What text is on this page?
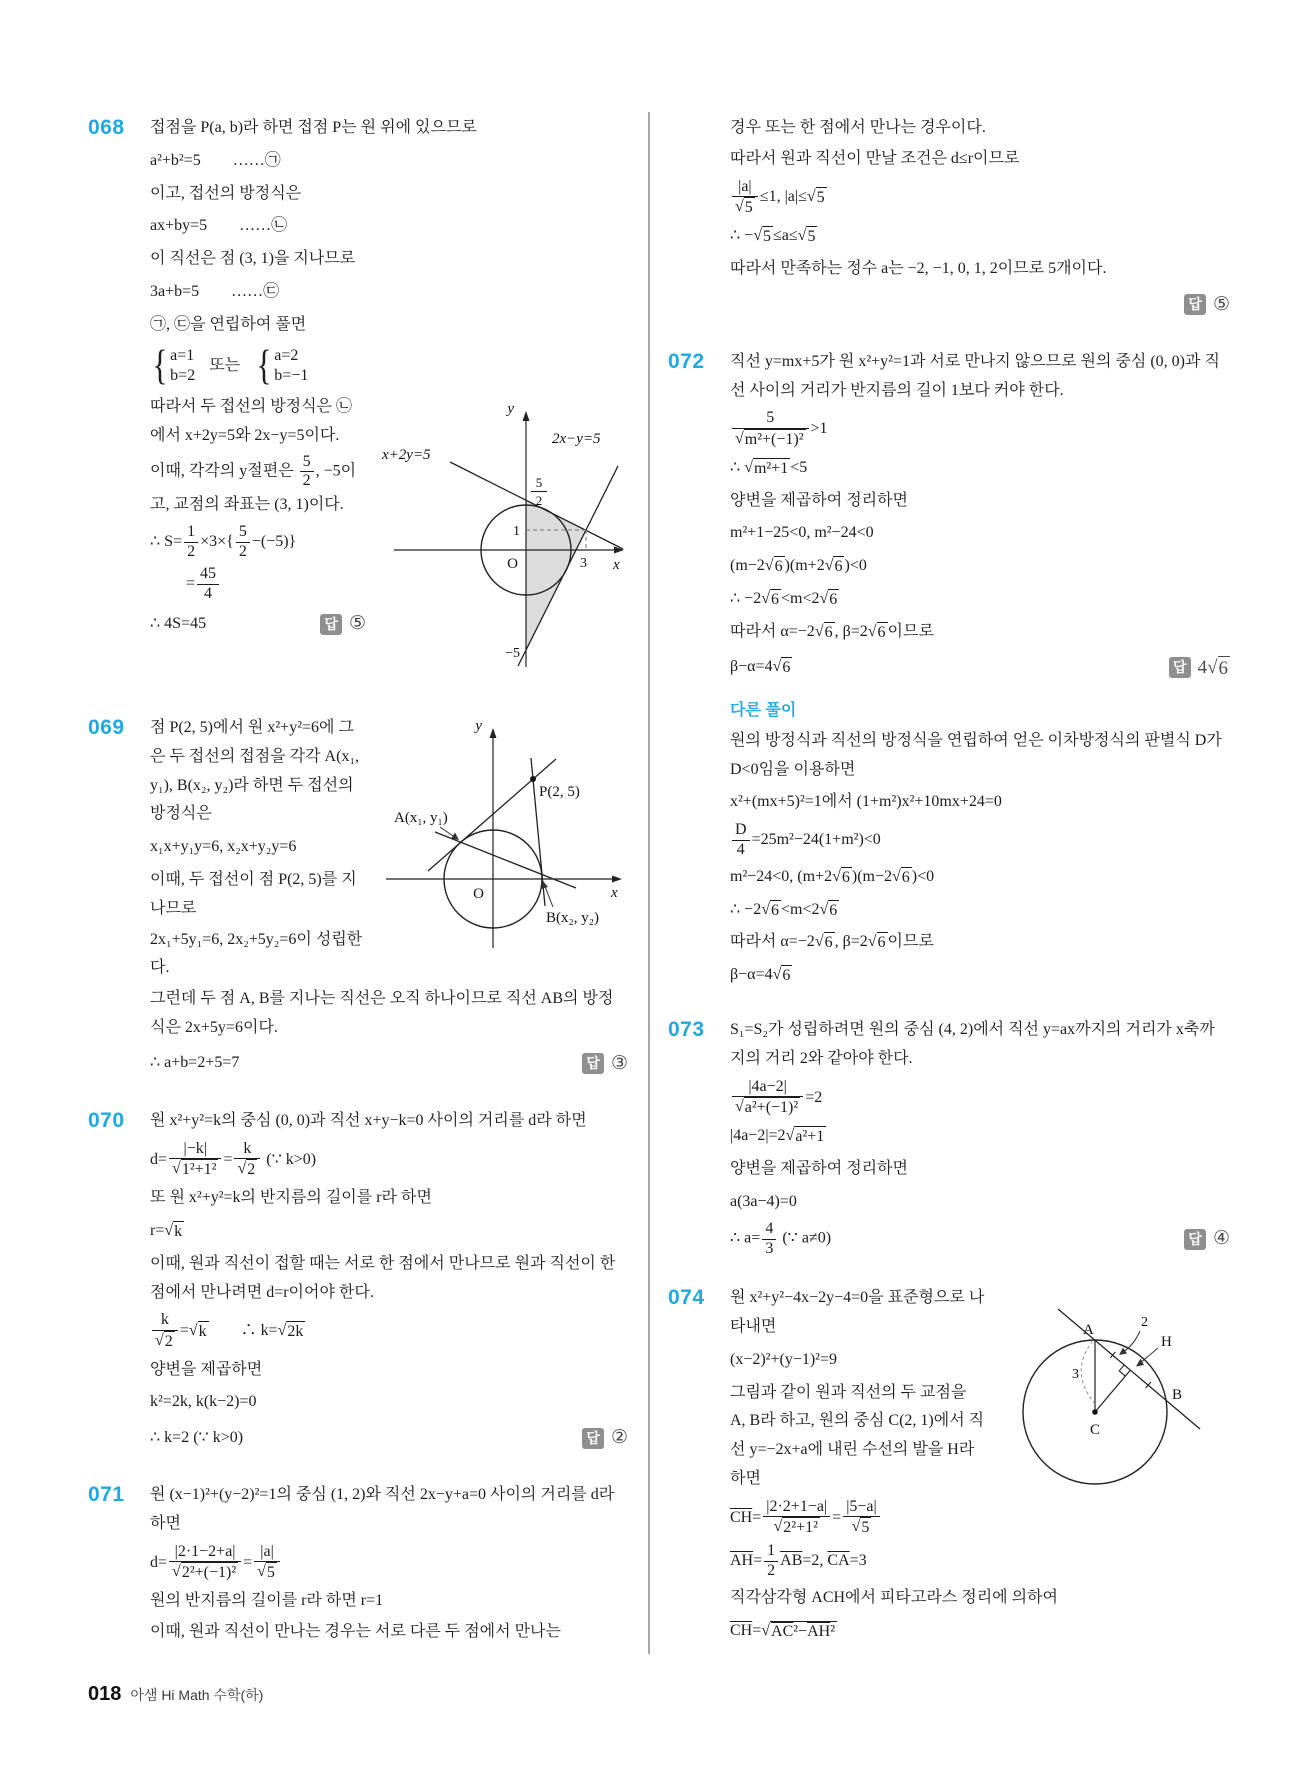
068	접점을 P(a, b)라 하면 접점 P는 원 위에 있으므로

a²+b²=5　　……㉠

이고, 접선의 방정식은

ax+by=5　　……㉡

이 직선은 점 (3, 1)을 지나므로

3a+b=5　　……㉢

㉠, ㉢을 연립하여 풀면

{ a=1
b=2
또는 { a=2
b=−1
x+2y=5
2x−y=5
y
x
O
5
2
1
3
−5

따라서 두 접선의 방정식은 ㉡에서 x+2y=5와 2x−y=5이다.

이때, 각각의 y절편은 $\frac{5}{2}$ , −5이고, 교점의 좌표는 (3, 1)이다.

∴ $S= \frac{1}{2} \times 3\times\{ \frac{5}{2} -(-5)\}$

= $\frac{45}{4}$

∴ 4S=45	답 ⑤

069	y
x
O
P(2, 5)
A(x₁, y₁)
B(x₂, y₂)

점 P(2, 5)에서 원 x²+y²=6에 그은 두 접선의 접점을 각각 A(x₁, y₁), B(x₂, y₂)라 하면 두 접선의 방정식은

x₁x+y₁y=6, x₂x+y₂y=6

이때, 두 접선이 점 P(2, 5)를 지나므로

2x₁+5y₁=6, 2x₂+5y₂=6이 성립한다.

그런데 두 점 A, B를 지나는 직선은 오직 하나이므로 직선 AB의 방정식은 2x+5y=6이다.

∴ a+b=2+5=7	답 ③

070	원 x²+y²=k의 중심 (0, 0)과 직선 x+y−k=0 사이의 거리를 d라 하면

$d= \frac{|-k|}{\text{√ 1²+1²}} = \frac{k}{√ 2}$ (∵ k>0)

또 원 x²+y²=k의 반지름의 길이를 r라 하면

r= √ k

이때, 원과 직선이 접할 때는 서로 한 점에서 만나므로 원과 직선이 한 점에서 만나려면 d=r이어야 한다.

$\frac{k}{√ 2}$ = √ k 　　∴ k= √ 2k

양변을 제곱하면

k²=2k, k(k−2)=0

∴ k=2 (∵ k>0)	답 ②

071	원 (x−1)²+(y−2)²=1의 중심 (1, 2)와 직선 2x−y+a=0 사이의 거리를 d라 하면

$d= \frac{|2\cdot 1-2+a|}{\text{√ 2²+(−1)²}} = \frac{|a|}{√ 5}$

원의 반지름의 길이를 r라 하면 r=1

이때, 원과 직선이 만나는 경우는 서로 다른 두 점에서 만나는

경우 또는 한 점에서 만나는 경우이다.

따라서 원과 직선이 만날 조건은 d≤r이므로

$\frac{|a|}{√ 5} \le 1$, |a|≤ √ 5

∴ − √ 5 ≤a≤ √ 5

따라서 만족하는 정수 a는 −2, −1, 0, 1, 2이므로 5개이다.

답 ⑤

072	직선 y=mx+5가 원 x²+y²=1과 서로 만나지 않으므로 원의 중심 (0, 0)과 직선 사이의 거리가 반지름의 길이 1보다 커야 한다.

$\frac{5}{\text{√ m²+(−1)²}} >1$

∴ √ m²+1 <5

양변을 제곱하여 정리하면

m²+1−25<0, m²−24<0

(m−2 √ 6 )(m+2 √ 6 )<0

∴ −2 √ 6 <m<2 √ 6

따라서 α=−2 √ 6 , β=2 √ 6 이므로

β−α=4 √ 6	답 4 √ 6

다른 풀이

원의 방정식과 직선의 방정식을 연립하여 얻은 이차방정식의 판별식 D가 D<0임을 이용하면

x²+(mx+5)²=1에서 (1+m²)x²+10mx+24=0

$\frac{D}{4} =25m^2-24(1+m^2)<0$

m²−24<0, (m+2 √ 6 )(m−2 √ 6 )<0

∴ −2 √ 6 <m<2 √ 6

따라서 α=−2 √ 6 , β=2 √ 6 이므로

β−α=4 √ 6

073	S₁=S₂가 성립하려면 원의 중심 (4, 2)에서 직선 y=ax까지의 거리가 x축까지의 거리 2와 같아야 한다.

$\frac{|4a-2|}{\text{√ a²+(−1)²}} =2$

|4a−2|=2 √ a²+1

양변을 제곱하여 정리하면

a(3a−4)=0

∴ $a= \frac{4}{3}$ (∵ a≠0)	답 ④

074
A	2
H
B
C
3

원 x²+y²−4x−2y−4=0을 표준형으로 나타내면

(x−2)²+(y−1)²=9

그림과 같이 원과 직선의 두 교점을 A, B라 하고, 원의 중심 C(2, 1)에서 직선 y=−2x+a에 내린 수선의 발을 H라 하면

$\overline{CH}= \frac{|2\cdot 2+1-a|}{\text{√ 2²+1²}} = \frac{|5-a|}{√ 5}$

$\overline{AH}= \frac{1}{2} \overline{AB}=2$, $\overline{CA}=3$

직각삼각형 ACH에서 피타고라스 정리에 의하여

$\overline{CH}=$ √ $AC^2-\overline{AH}^2$

018 아샘 Hi Math 수학(하)
